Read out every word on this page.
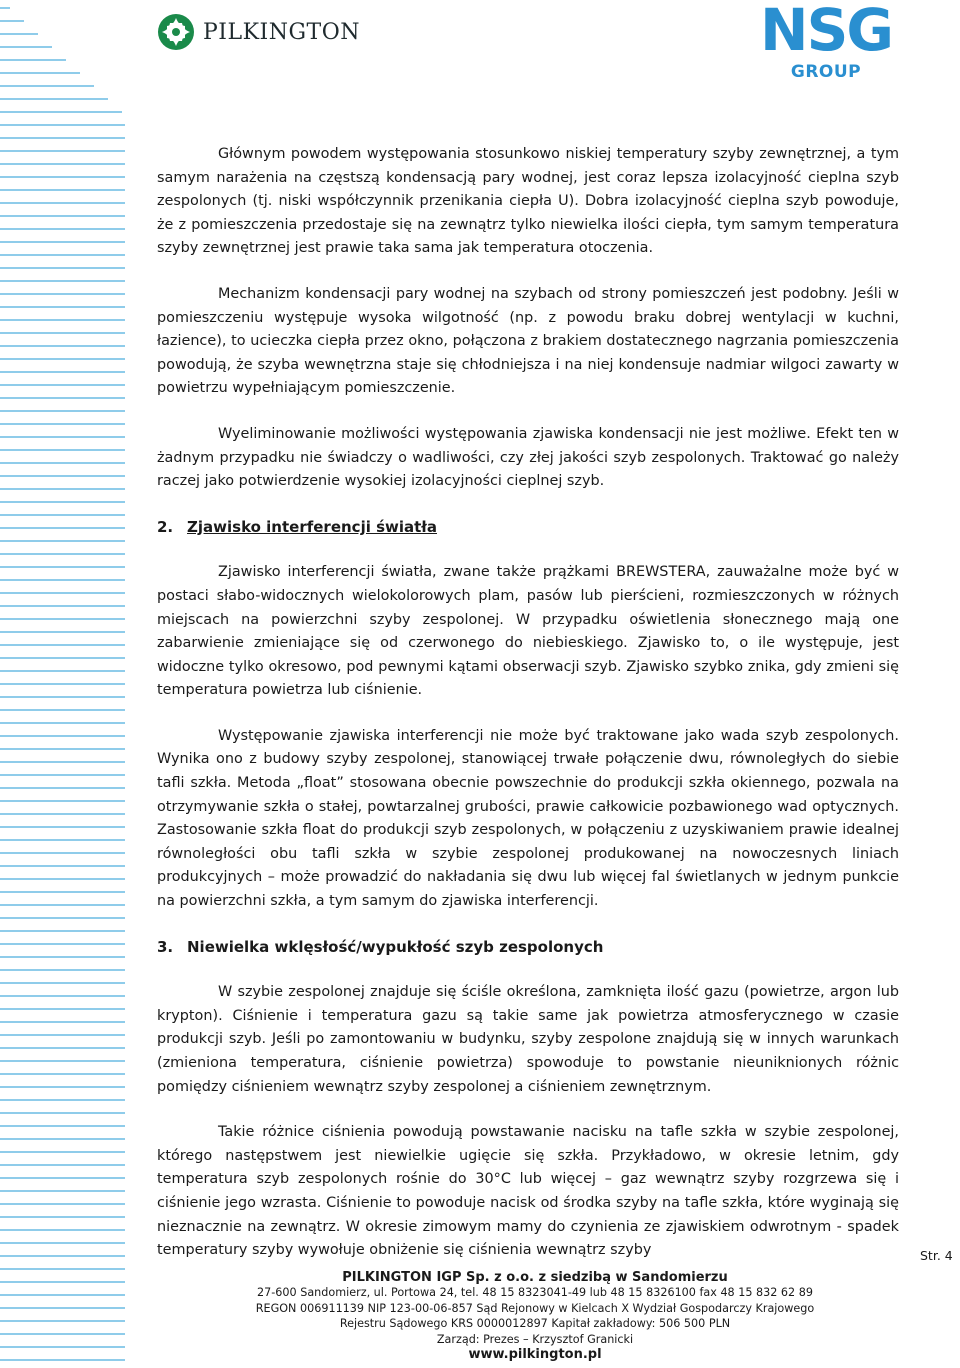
PILKINGTON	NSG
GROUP

Głównym powodem występowania stosunkowo niskiej temperatury szyby zewnętrznej, a tym samym narażenia na częstszą kondensacją pary wodnej, jest coraz lepsza izolacyjność cieplna szyb zespolonych (tj. niski współczynnik przenikania ciepła U). Dobra izolacyjność cieplna szyb powoduje, że z pomieszczenia przedostaje się na zewnątrz tylko niewielka ilości ciepła, tym samym temperatura szyby zewnętrznej jest prawie taka sama jak temperatura otoczenia.

Mechanizm kondensacji pary wodnej na szybach od strony pomieszczeń jest podobny. Jeśli w pomieszczeniu występuje wysoka wilgotność (np. z powodu braku dobrej wentylacji w kuchni, łazience), to ucieczka ciepła przez okno, połączona z brakiem dostatecznego nagrzania pomieszczenia powodują, że szyba wewnętrzna staje się chłodniejsza i na niej kondensuje nadmiar wilgoci zawarty w powietrzu wypełniającym pomieszczenie.

Wyeliminowanie możliwości występowania zjawiska kondensacji nie jest możliwe. Efekt ten w żadnym przypadku nie świadczy o wadliwości, czy złej jakości szyb zespolonych. Traktować go należy raczej jako potwierdzenie wysokiej izolacyjności cieplnej szyb.

2. Zjawisko interferencji światła

Zjawisko interferencji światła, zwane także prążkami BREWSTERA, zauważalne może być w postaci słabo-widocznych wielokolorowych plam, pasów lub pierścieni, rozmieszczonych w różnych miejscach na powierzchni szyby zespolonej. W przypadku oświetlenia słonecznego mają one zabarwienie zmieniające się od czerwonego do niebieskiego. Zjawisko to, o ile występuje, jest widoczne tylko okresowo, pod pewnymi kątami obserwacji szyb. Zjawisko szybko znika, gdy zmieni się temperatura powietrza lub ciśnienie.

Występowanie zjawiska interferencji nie może być traktowane jako wada szyb zespolonych. Wynika ono z budowy szyby zespolonej, stanowiącej trwałe połączenie dwu, równoległych do siebie tafli szkła. Metoda „float” stosowana obecnie powszechnie do produkcji szkła okiennego, pozwala na otrzymywanie szkła o stałej, powtarzalnej grubości, prawie całkowicie pozbawionego wad optycznych. Zastosowanie szkła float do produkcji szyb zespolonych, w połączeniu z uzyskiwaniem prawie idealnej równoległości obu tafli szkła w szybie zespolonej produkowanej na nowoczesnych liniach produkcyjnych – może prowadzić do nakładania się dwu lub więcej fal świetlanych w jednym punkcie na powierzchni szkła, a tym samym do zjawiska interferencji.

3. Niewielka wklęsłość/wypukłość szyb zespolonych

W szybie zespolonej znajduje się ściśle określona, zamknięta ilość gazu (powietrze, argon lub krypton). Ciśnienie i temperatura gazu są takie same jak powietrza atmosferycznego w czasie produkcji szyb. Jeśli po zamontowaniu w budynku, szyby zespolone znajdują się w innych warunkach (zmieniona temperatura, ciśnienie powietrza) spowoduje to powstanie nieuniknionych różnic pomiędzy ciśnieniem wewnątrz szyby zespolonej a ciśnieniem zewnętrznym.

Takie różnice ciśnienia powodują powstawanie nacisku na tafle szkła w szybie zespolonej, którego następstwem jest niewielkie ugięcie się szkła. Przykładowo, w okresie letnim, gdy temperatura szyb zespolonych rośnie do 30°C lub więcej – gaz wewnątrz szyby rozgrzewa się i ciśnienie jego wzrasta. Ciśnienie to powoduje nacisk od środka szyby na tafle szkła, które wyginają się nieznacznie na zewnątrz. W okresie zimowym mamy do czynienia ze zjawiskiem odwrotnym - spadek temperatury szyby wywołuje obniżenie się ciśnienia wewnątrz szyby	Str. 4
PILKINGTON IGP Sp. z o.o. z siedzibą w Sandomierzu
27-600 Sandomierz, ul. Portowa 24, tel. 48 15 8323041-49 lub 48 15 8326100 fax 48 15 832 62 89
REGON 006911139 NIP 123-00-06-857 Sąd Rejonowy w Kielcach X Wydział Gospodarczy Krajowego
Rejestru Sądowego KRS 0000012897 Kapitał zakładowy: 506 500 PLN
Zarząd: Prezes – Krzysztof Granicki
www.pilkington.pl
